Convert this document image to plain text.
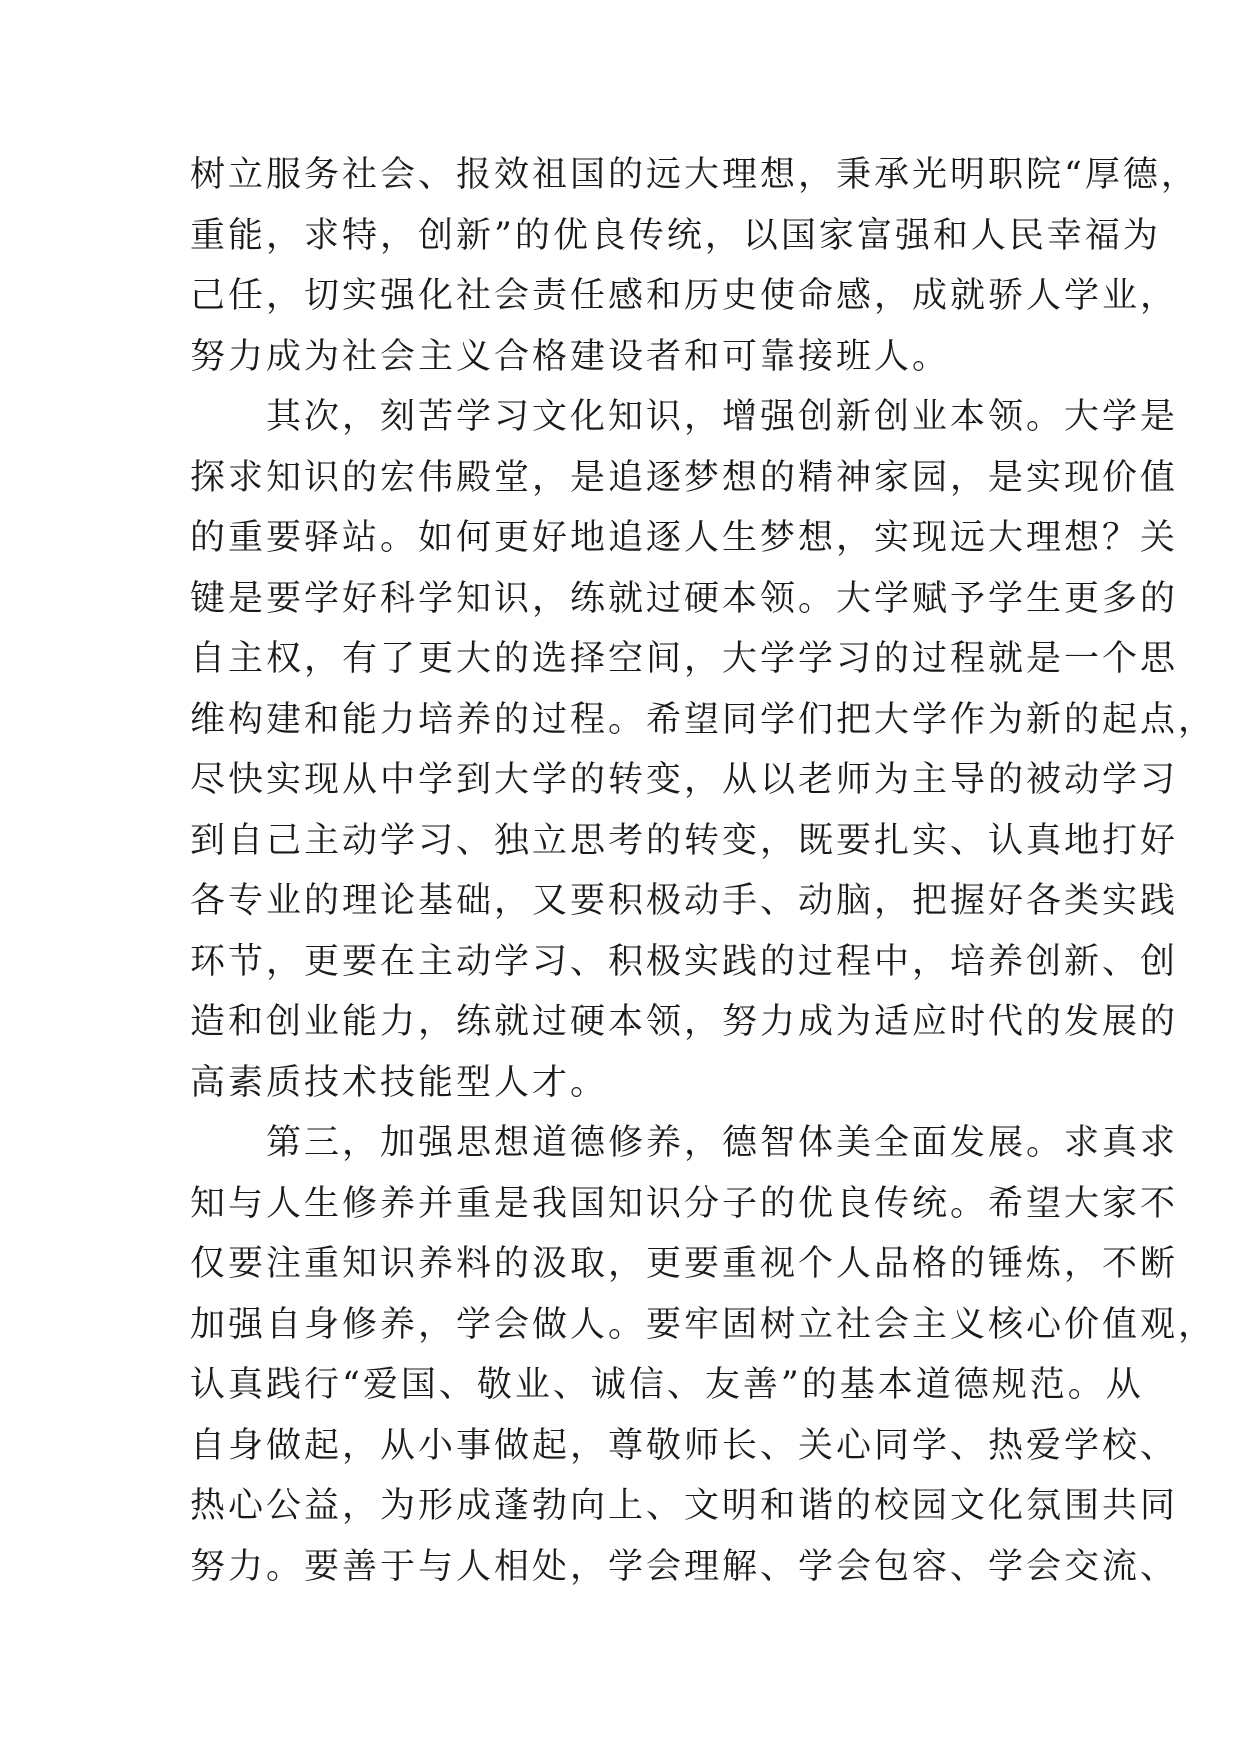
树立服务社会、报效祖国的远大理想，秉承光明职院“厚德，
重能，求特，创新”的优良传统，以国家富强和人民幸福为
己任，切实强化社会责任感和历史使命感，成就骄人学业，
努力成为社会主义合格建设者和可靠接班人。
　　其次，刻苦学习文化知识，增强创新创业本领。大学是
探求知识的宏伟殿堂，是追逐梦想的精神家园，是实现价值
的重要驿站。如何更好地追逐人生梦想，实现远大理想？关
键是要学好科学知识，练就过硬本领。大学赋予学生更多的
自主权，有了更大的选择空间，大学学习的过程就是一个思
维构建和能力培养的过程。希望同学们把大学作为新的起点，
尽快实现从中学到大学的转变，从以老师为主导的被动学习
到自己主动学习、独立思考的转变，既要扎实、认真地打好
各专业的理论基础，又要积极动手、动脑，把握好各类实践
环节，更要在主动学习、积极实践的过程中，培养创新、创
造和创业能力，练就过硬本领，努力成为适应时代的发展的
高素质技术技能型人才。
　　第三，加强思想道德修养，德智体美全面发展。求真求
知与人生修养并重是我国知识分子的优良传统。希望大家不
仅要注重知识养料的汲取，更要重视个人品格的锤炼，不断
加强自身修养，学会做人。要牢固树立社会主义核心价值观，
认真践行“爱国、敬业、诚信、友善”的基本道德规范。从
自身做起，从小事做起，尊敬师长、关心同学、热爱学校、
热心公益，为形成蓬勃向上、文明和谐的校园文化氛围共同
努力。要善于与人相处，学会理解、学会包容、学会交流、
